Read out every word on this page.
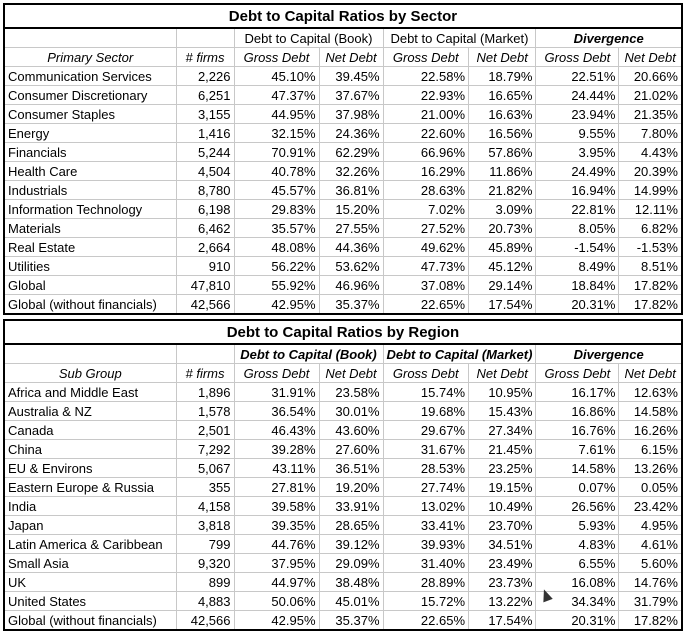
Debt to Capital Ratios by Sector							
		Debt to Capital (Book)		Debt to Capital (Market)		Divergence	
Primary Sector	# firms	Gross Debt	Net Debt	Gross Debt	Net Debt	Gross Debt	Net Debt
Communication Services	2,226	45.10%	39.45%	22.58%	18.79%	22.51%	20.66%
Consumer Discretionary	6,251	47.37%	37.67%	22.93%	16.65%	24.44%	21.02%
Consumer Staples	3,155	44.95%	37.98%	21.00%	16.63%	23.94%	21.35%
Energy	1,416	32.15%	24.36%	22.60%	16.56%	9.55%	7.80%
Financials	5,244	70.91%	62.29%	66.96%	57.86%	3.95%	4.43%
Health Care	4,504	40.78%	32.26%	16.29%	11.86%	24.49%	20.39%
Industrials	8,780	45.57%	36.81%	28.63%	21.82%	16.94%	14.99%
Information Technology	6,198	29.83%	15.20%	7.02%	3.09%	22.81%	12.11%
Materials	6,462	35.57%	27.55%	27.52%	20.73%	8.05%	6.82%
Real Estate	2,664	48.08%	44.36%	49.62%	45.89%	-1.54%	-1.53%
Utilities	910	56.22%	53.62%	47.73%	45.12%	8.49%	8.51%
Global	47,810	55.92%	46.96%	37.08%	29.14%	18.84%	17.82%
Global (without financials)	42,566	42.95%	35.37%	22.65%	17.54%	20.31%	17.82%

Debt to Capital Ratios by Region							
		Debt to Capital (Book)		Debt to Capital (Market)		Divergence	
Sub Group	# firms	Gross Debt	Net Debt	Gross Debt	Net Debt	Gross Debt	Net Debt
Africa and Middle East	1,896	31.91%	23.58%	15.74%	10.95%	16.17%	12.63%
Australia & NZ	1,578	36.54%	30.01%	19.68%	15.43%	16.86%	14.58%
Canada	2,501	46.43%	43.60%	29.67%	27.34%	16.76%	16.26%
China	7,292	39.28%	27.60%	31.67%	21.45%	7.61%	6.15%
EU & Environs	5,067	43.11%	36.51%	28.53%	23.25%	14.58%	13.26%
Eastern Europe & Russia	355	27.81%	19.20%	27.74%	19.15%	0.07%	0.05%
India	4,158	39.58%	33.91%	13.02%	10.49%	26.56%	23.42%
Japan	3,818	39.35%	28.65%	33.41%	23.70%	5.93%	4.95%
Latin America & Caribbean	799	44.76%	39.12%	39.93%	34.51%	4.83%	4.61%
Small Asia	9,320	37.95%	29.09%	31.40%	23.49%	6.55%	5.60%
UK	899	44.97%	38.48%	28.89%	23.73%	16.08%	14.76%
United States	4,883	50.06%	45.01%	15.72%	13.22%	34.34%	31.79%
Global (without financials)	42,566	42.95%	35.37%	22.65%	17.54%	20.31%	17.82%
